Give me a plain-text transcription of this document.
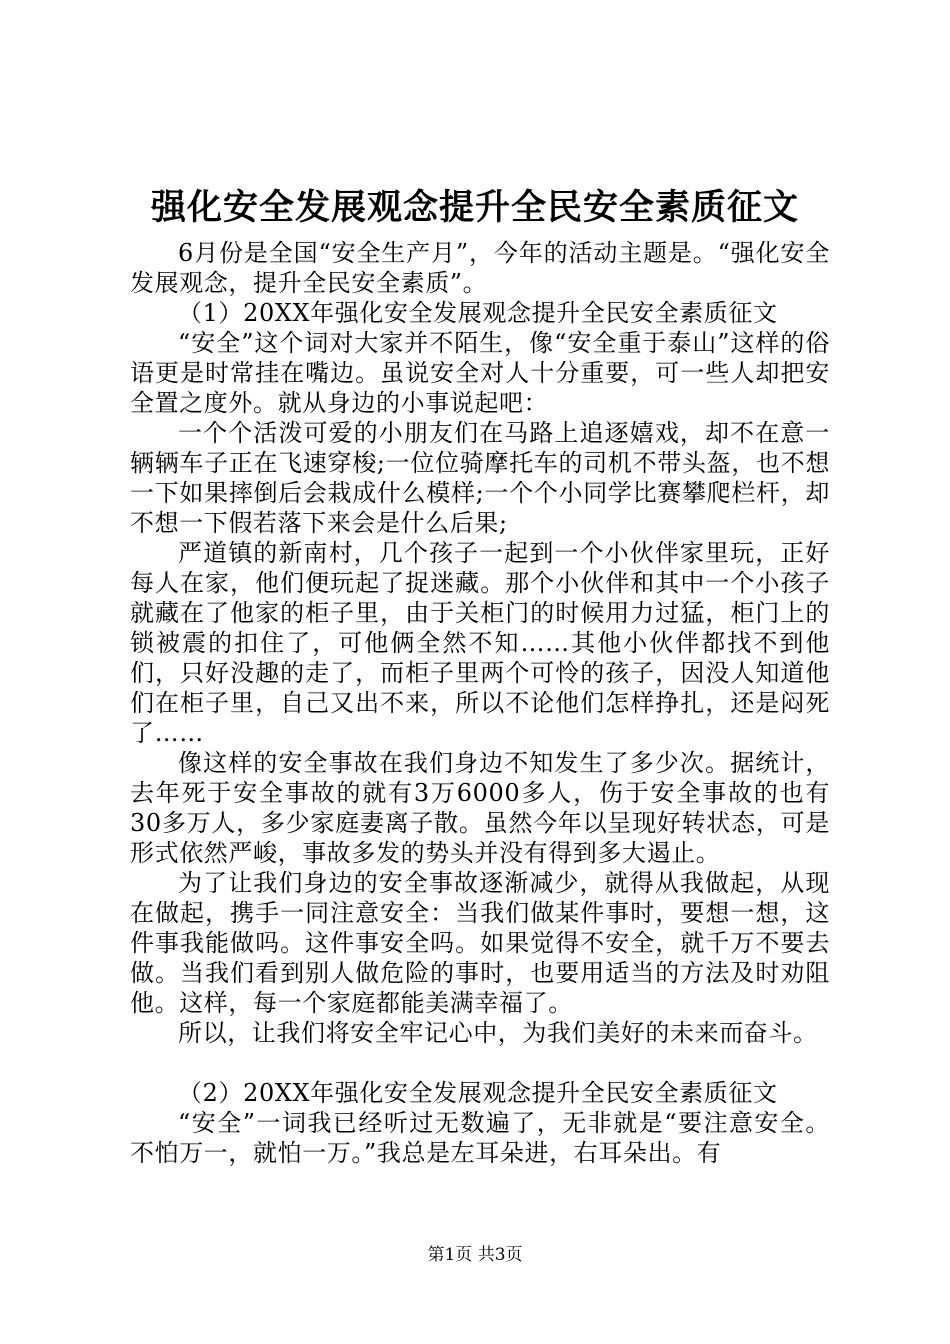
强化安全发展观念提升全民安全素质征文

6月份是全国“安全生产月”，今年的活动主题是。“强化安全发展观念，提升全民安全素质”。

（1）20XX年强化安全发展观念提升全民安全素质征文

“安全”这个词对大家并不陌生，像“安全重于泰山”这样的俗语更是时常挂在嘴边。虽说安全对人十分重要，可一些人却把安全置之度外。就从身边的小事说起吧：

一个个活泼可爱的小朋友们在马路上追逐嬉戏，却不在意一辆辆车子正在飞速穿梭;一位位骑摩托车的司机不带头盔，也不想一下如果摔倒后会栽成什么模样;一个个小同学比赛攀爬栏杆，却不想一下假若落下来会是什么后果;

严道镇的新南村，几个孩子一起到一个小伙伴家里玩，正好每人在家，他们便玩起了捉迷藏。那个小伙伴和其中一个小孩子就藏在了他家的柜子里，由于关柜门的时候用力过猛，柜门上的锁被震的扣住了，可他俩全然不知……其他小伙伴都找不到他们，只好没趣的走了，而柜子里两个可怜的孩子，因没人知道他们在柜子里，自己又出不来，所以不论他们怎样挣扎，还是闷死了……

像这样的安全事故在我们身边不知发生了多少次。据统计，去年死于安全事故的就有3万6000多人，伤于安全事故的也有30多万人，多少家庭妻离子散。虽然今年以呈现好转状态，可是形式依然严峻，事故多发的势头并没有得到多大遏止。

为了让我们身边的安全事故逐渐减少，就得从我做起，从现在做起，携手一同注意安全：当我们做某件事时，要想一想，这件事我能做吗。这件事安全吗。如果觉得不安全，就千万不要去做。当我们看到别人做危险的事时，也要用适当的方法及时劝阻他。这样，每一个家庭都能美满幸福了。

所以，让我们将安全牢记心中，为我们美好的未来而奋斗。

（2）20XX年强化安全发展观念提升全民安全素质征文

“安全”一词我已经听过无数遍了，无非就是“要注意安全。不怕万一，就怕一万。”我总是左耳朵进，右耳朵出。有

第1页 共3页
